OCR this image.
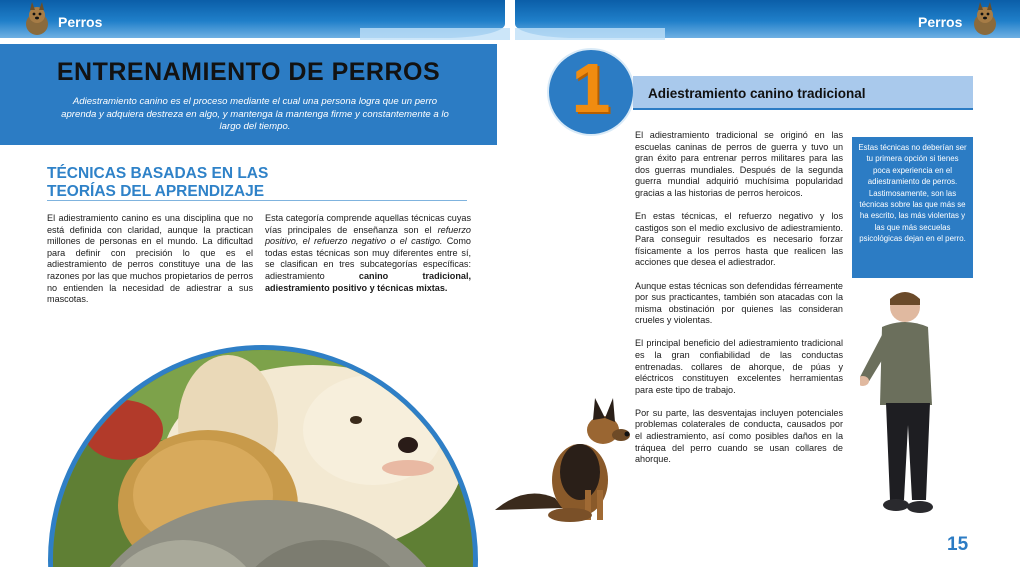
Perros	Perros
ENTRENAMIENTO DE PERROS
Adiestramiento canino es el proceso mediante el cual una persona logra que un perro aprenda y adquiera destreza en algo, y mantenga la mantenga firme y constantemente a lo largo del tiempo.
TÉCNICAS BASADAS EN LAS TEORÍAS DEL APRENDIZAJE

El adiestramiento canino es una disciplina que no está definida con claridad, aunque la practican millones de personas en el mundo. La dificultad para definir con precisión lo que es el adiestramiento de perros constituye una de las razones por las que muchos propietarios de perros no entienden la necesidad de adiestrar a sus mascotas.

Esta categoría comprende aquellas técnicas cuyas vías principales de enseñanza son el refuerzo positivo, el refuerzo negativo o el castigo. Como todas estas técnicas son muy diferentes entre sí, se clasifican en tres subcategorías específicas: adiestramiento canino tradicional, adiestramiento positivo y técnicas mixtas.

1	Adiestramiento canino tradicional

El adiestramiento tradicional se originó en las escuelas caninas de perros de guerra y tuvo un gran éxito para entrenar perros militares para las dos guerras mundiales. Después de la segunda guerra mundial adquirió muchísima popularidad gracias a las historias de perros heroicos.

En estas técnicas, el refuerzo negativo y los castigos son el medio exclusivo de adiestramiento. Para conseguir resultados es necesario forzar físicamente a los perros hasta que realicen las acciones que desea el adiestrador.

Aunque estas técnicas son defendidas férreamente por sus practicantes, también son atacadas con la misma obstinación por quienes las consideran crueles y violentas.

El principal beneficio del adiestramiento tradicional es la gran confiabilidad de las conductas entrenadas. collares de ahorque, de púas y eléctricos constituyen excelentes herramientas para este tipo de trabajo.

Por su parte, las desventajas incluyen potenciales problemas colaterales de conducta, causados por el adiestramiento, así como posibles daños en la tráquea del perro cuando se usan collares de ahorque.

Estas técnicas no deberían ser tu primera opción si tienes poca experiencia en el adiestramiento de perros. Lastimosamente, son las técnicas sobre las que más se ha escrito, las más violentas y las que más secuelas psicológicas dejan en el perro.
15
